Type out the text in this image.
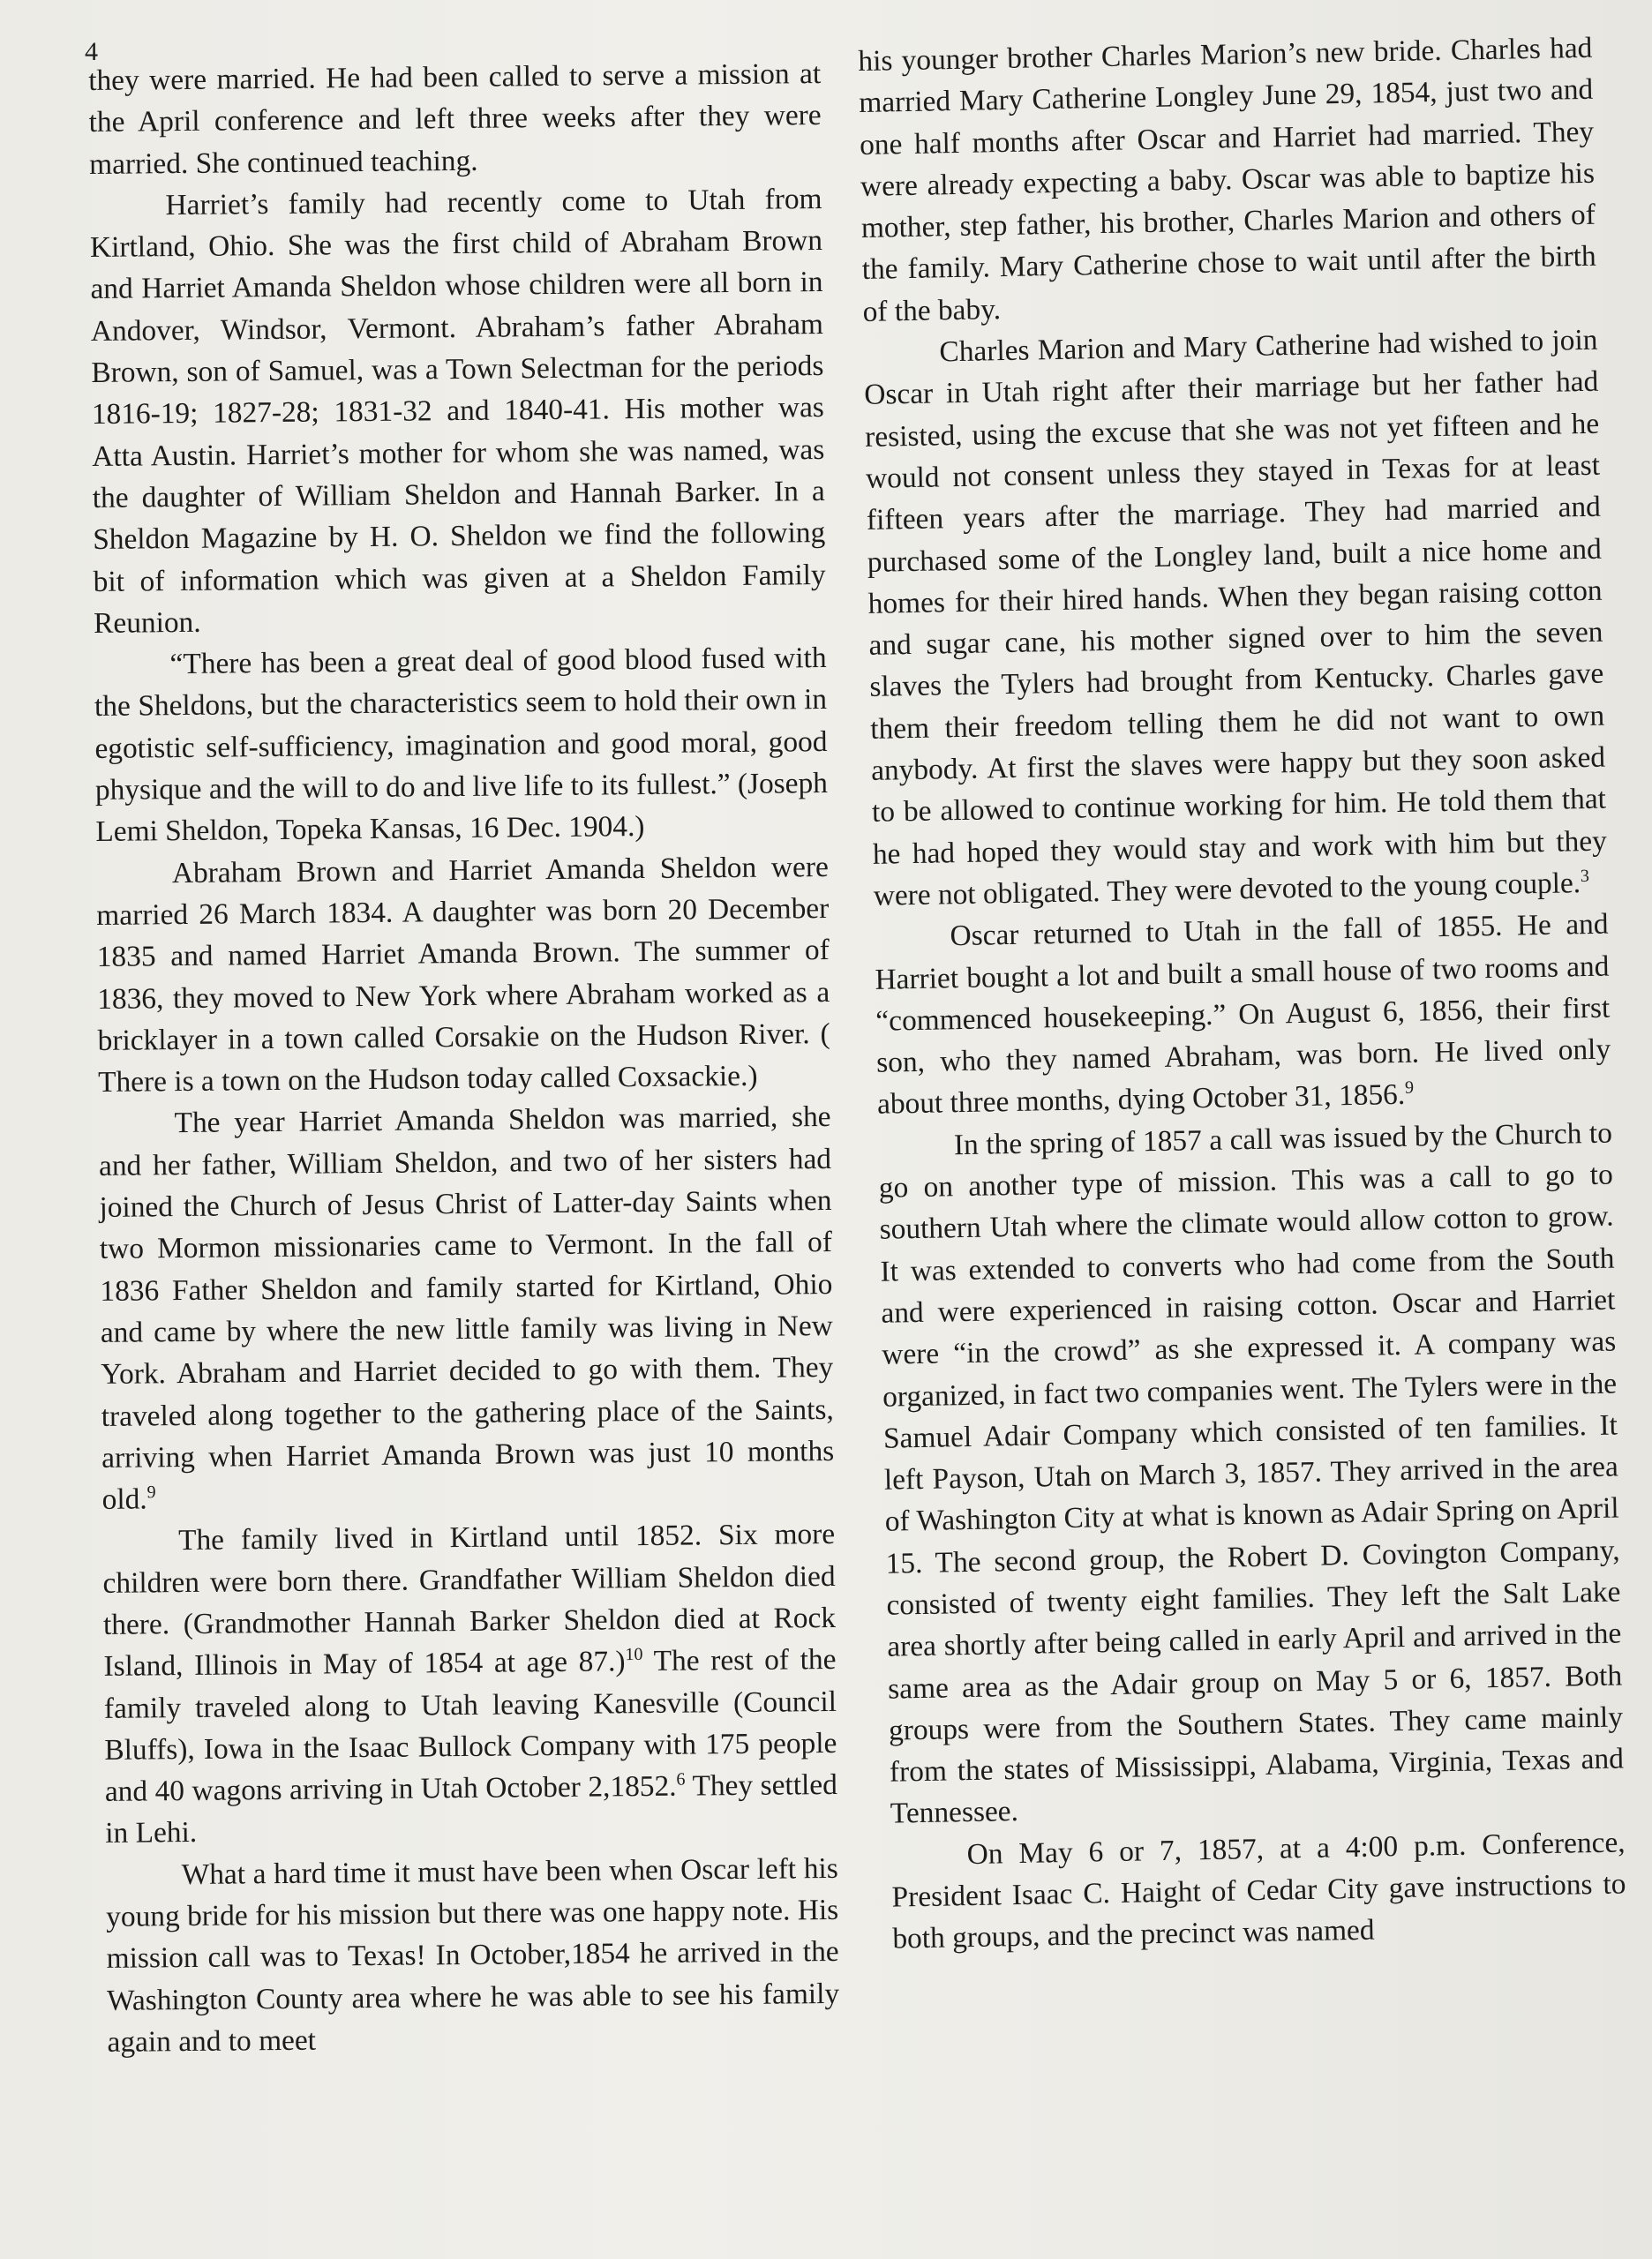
4

they were married. He had been called to serve a mission at the April conference and left three weeks after they were married. She continued teaching.

Harriet’s family had recently come to Utah from Kirtland, Ohio. She was the first child of Abraham Brown and Harriet Amanda Sheldon whose children were all born in Andover, Windsor, Vermont. Abraham’s father Abraham Brown, son of Samuel, was a Town Selectman for the periods 1816-19; 1827-28; 1831-32 and 1840-41. His mother was Atta Austin. Harriet’s mother for whom she was named, was the daughter of William Sheldon and Hannah Barker. In a Sheldon Magazine by H. O. Sheldon we find the following bit of information which was given at a Sheldon Family Reunion.

“There has been a great deal of good blood fused with the Sheldons, but the characteristics seem to hold their own in egotistic self-sufficiency, imagination and good moral, good physique and the will to do and live life to its fullest.” (Joseph Lemi Sheldon, Topeka Kansas, 16 Dec. 1904.)

Abraham Brown and Harriet Amanda Sheldon were married 26 March 1834. A daughter was born 20 December 1835 and named Harriet Amanda Brown. The summer of 1836, they moved to New York where Abraham worked as a bricklayer in a town called Corsakie on the Hudson River. ( There is a town on the Hudson today called Coxsackie.)

The year Harriet Amanda Sheldon was married, she and her father, William Sheldon, and two of her sisters had joined the Church of Jesus Christ of Latter-day Saints when two Mormon missionaries came to Vermont. In the fall of 1836 Father Sheldon and family started for Kirtland, Ohio and came by where the new little family was living in New York. Abraham and Harriet decided to go with them. They traveled along together to the gathering place of the Saints, arriving when Harriet Amanda Brown was just 10 months old.$^9$

The family lived in Kirtland until 1852. Six more children were born there. Grandfather William Sheldon died there. (Grandmother Hannah Barker Sheldon died at Rock Island, Illinois in May of 1854 at age 87.)$^{10}$ The rest of the family traveled along to Utah leaving Kanesville (Council Bluffs), Iowa in the Isaac Bullock Company with 175 people and 40 wagons arriving in Utah October 2,1852.$^6$ They settled in Lehi.

What a hard time it must have been when Oscar left his young bride for his mission but there was one happy note. His mission call was to Texas! In October,1854 he arrived in the Washington County area where he was able to see his family again and to meet

his younger brother Charles Marion’s new bride. Charles had married Mary Catherine Longley June 29, 1854, just two and one half months after Oscar and Harriet had married. They were already expecting a baby. Oscar was able to baptize his mother, step father, his brother, Charles Marion and others of the family. Mary Catherine chose to wait until after the birth of the baby.

Charles Marion and Mary Catherine had wished to join Oscar in Utah right after their marriage but her father had resisted, using the excuse that she was not yet fifteen and he would not consent unless they stayed in Texas for at least fifteen years after the marriage. They had married and purchased some of the Longley land, built a nice home and homes for their hired hands. When they began raising cotton and sugar cane, his mother signed over to him the seven slaves the Tylers had brought from Kentucky. Charles gave them their freedom telling them he did not want to own anybody. At first the slaves were happy but they soon asked to be allowed to continue working for him. He told them that he had hoped they would stay and work with him but they were not obligated. They were devoted to the young couple.$^3$

Oscar returned to Utah in the fall of 1855. He and Harriet bought a lot and built a small house of two rooms and “commenced housekeeping.” On August 6, 1856, their first son, who they named Abraham, was born. He lived only about three months, dying October 31, 1856.$^9$

In the spring of 1857 a call was issued by the Church to go on another type of mission. This was a call to go to southern Utah where the climate would allow cotton to grow. It was extended to converts who had come from the South and were experienced in raising cotton. Oscar and Harriet were “in the crowd” as she expressed it. A company was organized, in fact two companies went. The Tylers were in the Samuel Adair Company which consisted of ten families. It left Payson, Utah on March 3, 1857. They arrived in the area of Washington City at what is known as Adair Spring on April 15. The second group, the Robert D. Covington Company, consisted of twenty eight families. They left the Salt Lake area shortly after being called in early April and arrived in the same area as the Adair group on May 5 or 6, 1857. Both groups were from the Southern States. They came mainly from the states of Mississippi, Alabama, Virginia, Texas and Tennessee.

On May 6 or 7, 1857, at a 4:00 p.m. Conference, President Isaac C. Haight of Cedar City gave instructions to both groups, and the precinct was named
